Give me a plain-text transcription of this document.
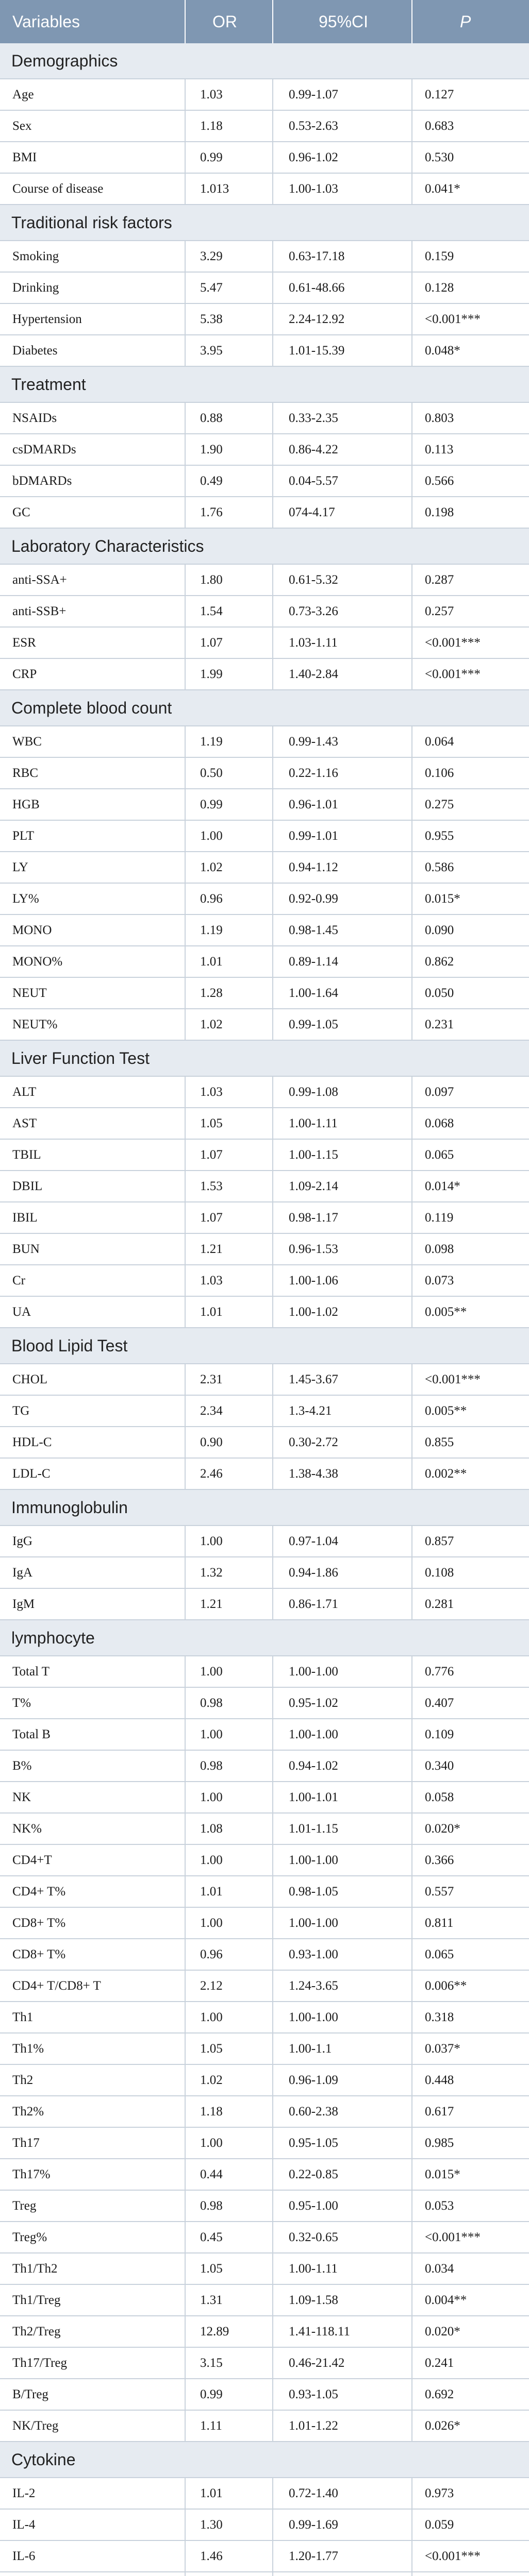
Variables	OR	95%CI	P
Demographics
Age	1.03	0.99-1.07	0.127
Sex	1.18	0.53-2.63	0.683
BMI	0.99	0.96-1.02	0.530
Course of disease	1.013	1.00-1.03	0.041*
Traditional risk factors
Smoking	3.29	0.63-17.18	0.159
Drinking	5.47	0.61-48.66	0.128
Hypertension	5.38	2.24-12.92	<0.001***
Diabetes	3.95	1.01-15.39	0.048*
Treatment
NSAIDs	0.88	0.33-2.35	0.803
csDMARDs	1.90	0.86-4.22	0.113
bDMARDs	0.49	0.04-5.57	0.566
GC	1.76	074-4.17	0.198
Laboratory Characteristics
anti-SSA+	1.80	0.61-5.32	0.287
anti-SSB+	1.54	0.73-3.26	0.257
ESR	1.07	1.03-1.11	<0.001***
CRP	1.99	1.40-2.84	<0.001***
Complete blood count
WBC	1.19	0.99-1.43	0.064
RBC	0.50	0.22-1.16	0.106
HGB	0.99	0.96-1.01	0.275
PLT	1.00	0.99-1.01	0.955
LY	1.02	0.94-1.12	0.586
LY%	0.96	0.92-0.99	0.015*
MONO	1.19	0.98-1.45	0.090
MONO%	1.01	0.89-1.14	0.862
NEUT	1.28	1.00-1.64	0.050
NEUT%	1.02	0.99-1.05	0.231
Liver Function Test
ALT	1.03	0.99-1.08	0.097
AST	1.05	1.00-1.11	0.068
TBIL	1.07	1.00-1.15	0.065
DBIL	1.53	1.09-2.14	0.014*
IBIL	1.07	0.98-1.17	0.119
BUN	1.21	0.96-1.53	0.098
Cr	1.03	1.00-1.06	0.073
UA	1.01	1.00-1.02	0.005**
Blood Lipid Test
CHOL	2.31	1.45-3.67	<0.001***
TG	2.34	1.3-4.21	0.005**
HDL-C	0.90	0.30-2.72	0.855
LDL-C	2.46	1.38-4.38	0.002**
Immunoglobulin
IgG	1.00	0.97-1.04	0.857
IgA	1.32	0.94-1.86	0.108
IgM	1.21	0.86-1.71	0.281
lymphocyte
Total T	1.00	1.00-1.00	0.776
T%	0.98	0.95-1.02	0.407
Total B	1.00	1.00-1.00	0.109
B%	0.98	0.94-1.02	0.340
NK	1.00	1.00-1.01	0.058
NK%	1.08	1.01-1.15	0.020*
CD4+T	1.00	1.00-1.00	0.366
CD4+ T%	1.01	0.98-1.05	0.557
CD8+ T%	1.00	1.00-1.00	0.811
CD8+ T%	0.96	0.93-1.00	0.065
CD4+ T/CD8+ T	2.12	1.24-3.65	0.006**
Th1	1.00	1.00-1.00	0.318
Th1%	1.05	1.00-1.1	0.037*
Th2	1.02	0.96-1.09	0.448
Th2%	1.18	0.60-2.38	0.617
Th17	1.00	0.95-1.05	0.985
Th17%	0.44	0.22-0.85	0.015*
Treg	0.98	0.95-1.00	0.053
Treg%	0.45	0.32-0.65	<0.001***
Th1/Th2	1.05	1.00-1.11	0.034
Th1/Treg	1.31	1.09-1.58	0.004**
Th2/Treg	12.89	1.41-118.11	0.020*
Th17/Treg	3.15	0.46-21.42	0.241
B/Treg	0.99	0.93-1.05	0.692
NK/Treg	1.11	1.01-1.22	0.026*
Cytokine
IL-2	1.01	0.72-1.40	0.973
IL-4	1.30	0.99-1.69	0.059
IL-6	1.46	1.20-1.77	<0.001***
